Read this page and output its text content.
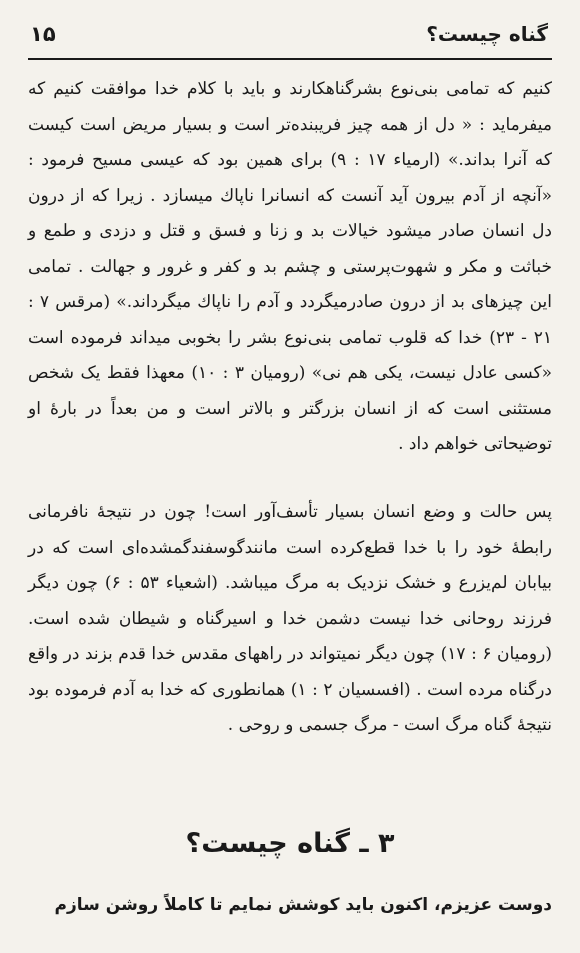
گناه چیست؟
۱۵
کنیم که تمامی بنی‌نوع بشرگناهکارند و باید با کلام خدا موافقت کنیم که میفرماید : « دل از همه چیز فریبنده‌تر است و بسیار مریض است کیست که آنرا بداند.» (ارمیاء ۱۷ : ۹) برای همین بود که عیسی مسیح فرمود : «آنچه از آدم بیرون آید آنست که انسانرا ناپاك میسازد . زیرا که از درون دل انسان صادر میشود خیالات بد و زنا و فسق و قتل و دزدی و طمع و خباثت و مکر و شهوت‌پرستی و چشم بد و کفر و غرور و جهالت . تمامی این چیزهای بد از درون صادرمیگردد و آدم را ناپاك میگرداند.» (مرقس ۷ : ۲۱ - ۲۳) خدا که قلوب تمامی بنی‌نوع بشر را بخوبی میداند فرموده است «کسی عادل نیست، یکی هم نی» (رومیان ۳ : ۱۰) معهذا فقط یک شخص مستثنی است که از انسان بزرگتر و بالاتر است و من بعداً در بارهٔ او توضیحاتی خواهم داد .
پس حالت و وضع انسان بسیار تأسف‌آور است! چون در نتیجهٔ نافرمانی رابطهٔ خود را با خدا قطع‌کرده است مانندگوسفندگمشده‌ای است که در بیابان لم‌یزرع و خشک نزدیک به مرگ میباشد. (اشعیاء ۵۳ : ۶) چون دیگر فرزند روحانی خدا نیست دشمن خدا و اسیرگناه و شیطان شده است.(رومیان ۶ : ۱۷) چون دیگر نمیتواند در راههای مقدس خدا قدم بزند در واقع درگناه مرده است . (افسسیان ۲ : ۱) همانطوری که خدا به آدم فرموده بود نتیجهٔ گناه مرگ است - مرگ جسمی و روحی .
۳ ـ گناه چیست؟
دوست عزیزم، اکنون باید کوشش نمایم تا کاملاً روشن سازم
